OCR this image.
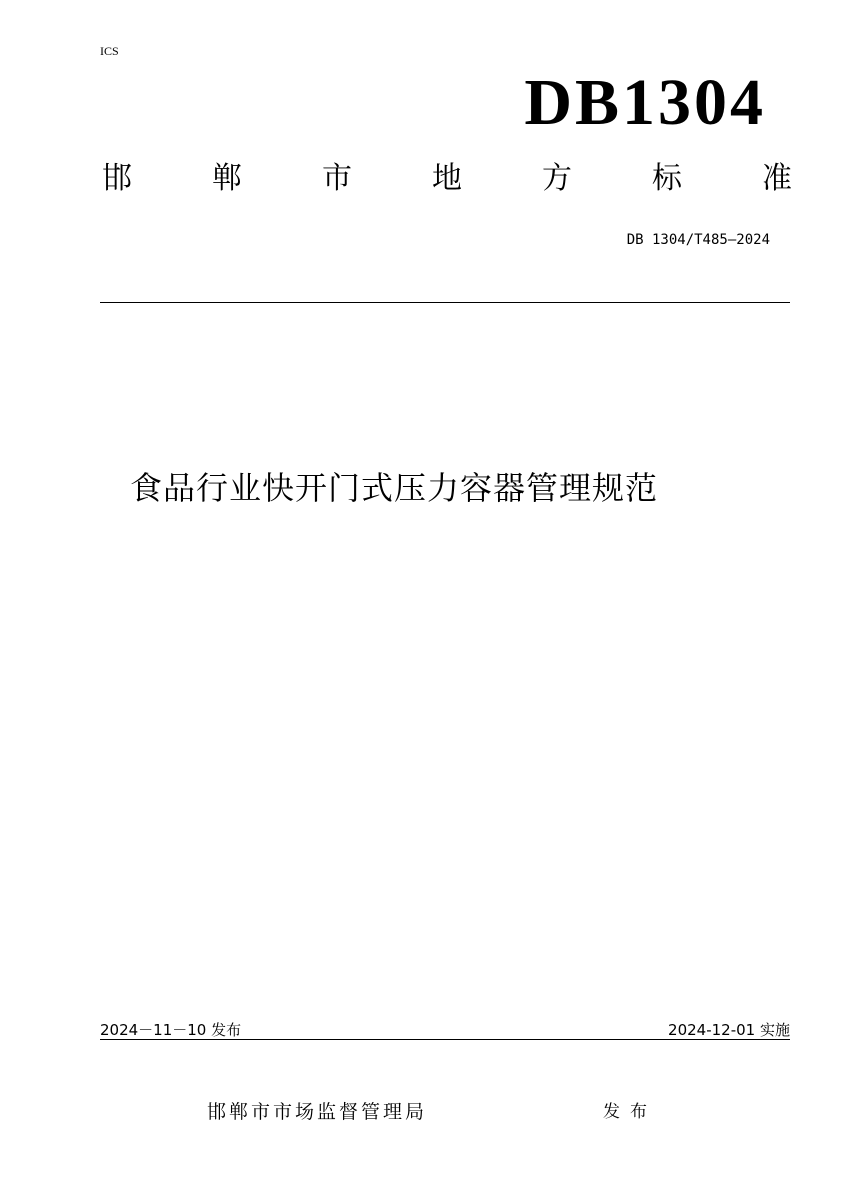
ICS
DB1304
邯	郸	市	地	方	标	准
DB 1304/T485—2024
食品行业快开门式压力容器管理规范
2024－11－10 发布	2024-12-01 实施
邯郸市市场监督管理局	发布
